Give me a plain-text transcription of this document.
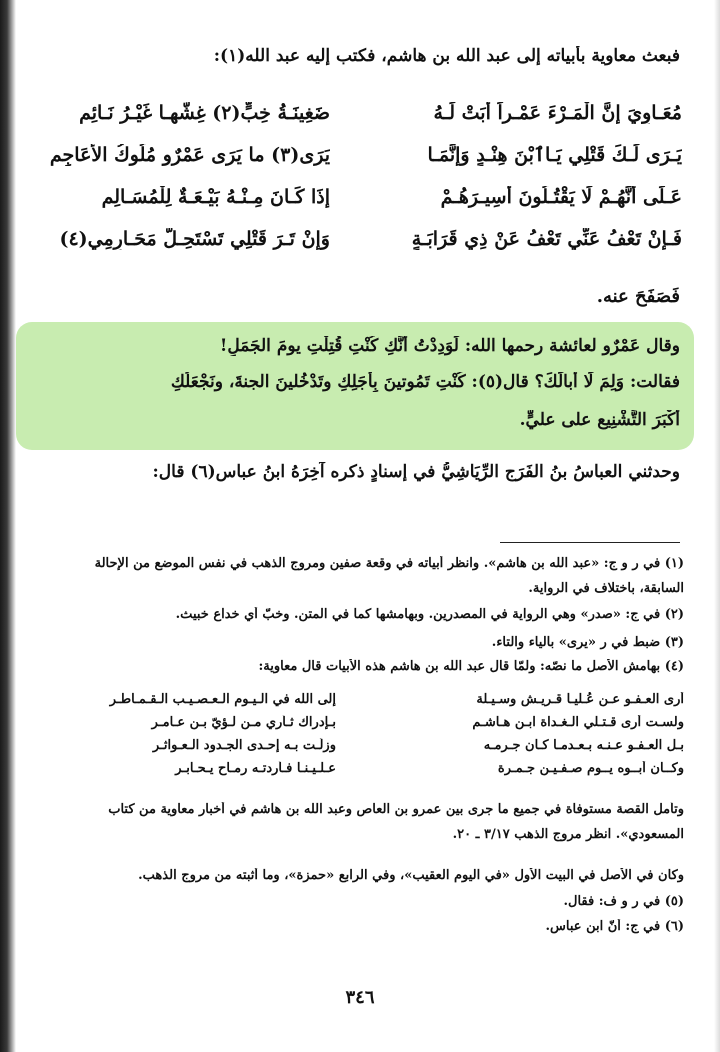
فبعث معاوية بأبياته إلى عبد الله بن هاشم، فكتب إليه عبد الله(١):
مُعَـاوِيَ إنَّ الْمَـرْءَ عَمْـراً أَبَتْ لَـهُ
ضَغِينَـةُ خِبٍّ(٢) غِشُّهـا غَيْـرُ نَـائِمِ
يَـرَى لَـكَ قَتْلِي يَـاٱبْنَ هِنْـدٍ وَإِنَّمَـا
يَرَى(٣) ما يَرَى عَمْرٌو مُلُوكُ الأَعَاجِمِ
عَـلَى أَنَّهُـمْ لَا يَقْتُـلُونَ أَسِيـرَهُـمْ
إِذَا كَـانَ مِـنْـهُ بَيْـعَـةٌ لِلْمُسَـالِمِ
فَـإِنْ تَعْفُ عَنِّي تَعْفُ عَنْ ذِي قَرَابَـةٍ
وَإِنْ تَـرَ قَتْلِي تَسْتَحِـلَّ مَحَـارِمِي(٤)
فَصَفَحَ عنه.
وقال عَمْرٌو لعائشة رحمها الله: لَوَدِدْتُ أَنَّكِ كُنْتِ قُتِلْتِ يومَ الجَمَلِ!
فقالت: وَلِمَ لَا أَبالَكَ؟ قال(٥): كُنْتِ تَمُوتينَ بِأَجَلِكِ وتَدْخُلينَ الجنةَ، ونَجْعَلُكِ
أَكْبَرَ التَّشْنِيعِ على عليٍّ.
وحدثني العباسُ بنُ الفَرَجِ الرِّيَاشِيُّ في إسنادٍ ذكره آخِرَهُ ابنُ عباس(٦) قال:
(١) في ر و ج: «عبد الله بن هاشم». وانظر أبياته في وقعة صفين ومروج الذهب في نفس الموضع من الإحالة
السابقة، باختلاف في الرواية.
(٢) في ج: «صدر» وهي الرواية في المصدرين. وبهامشها كما في المتن. وخبّ أي خداع خبيث.
(٣) ضبط في ر «يرى» بالياء والتاء.
(٤) بهامش الأصل ما نصّه: ولمّا قال عبد الله بن هاشم هذه الأبيات قال معاوية:
أرى العـفـو عـن عُـليـا قـريـش وسـيـلة
إلى الله في الـيـوم الـعـصـيـب الـقـمـاطـر
ولسـت أرى قـتـلي الـغـداة ابـن هـاشـم
بـإدراك ثـأري مـن لـؤيّ بـن عـامـر
بـل العـفـو عـنـه بـعـدمـا كـان جـرمـه
وزلّـت بـه إحـدى الجـدود الـعـواثـر
وكــان أبــوه يــوم صـفـيـن جـمـرة
عـلـيـنـا فـأردتـه رمـاح يـحـابـر
وتأمل القصة مستوفاة في جميع ما جرى بين عمرو بن العاص وعبد الله بن هاشم في أخبار معاوية من كتاب
المسعودي». انظر مروج الذهب ٣/١٧ ـ ٢٠.
وكان في الأصل في البيت الأول «في اليوم العقيب»، وفي الرابع «حمزة»، وما أثبته من مروج الذهب.
(٥) في ر و ف: فقال.
(٦) في ج: أنّ ابن عباس.
٣٤٦
